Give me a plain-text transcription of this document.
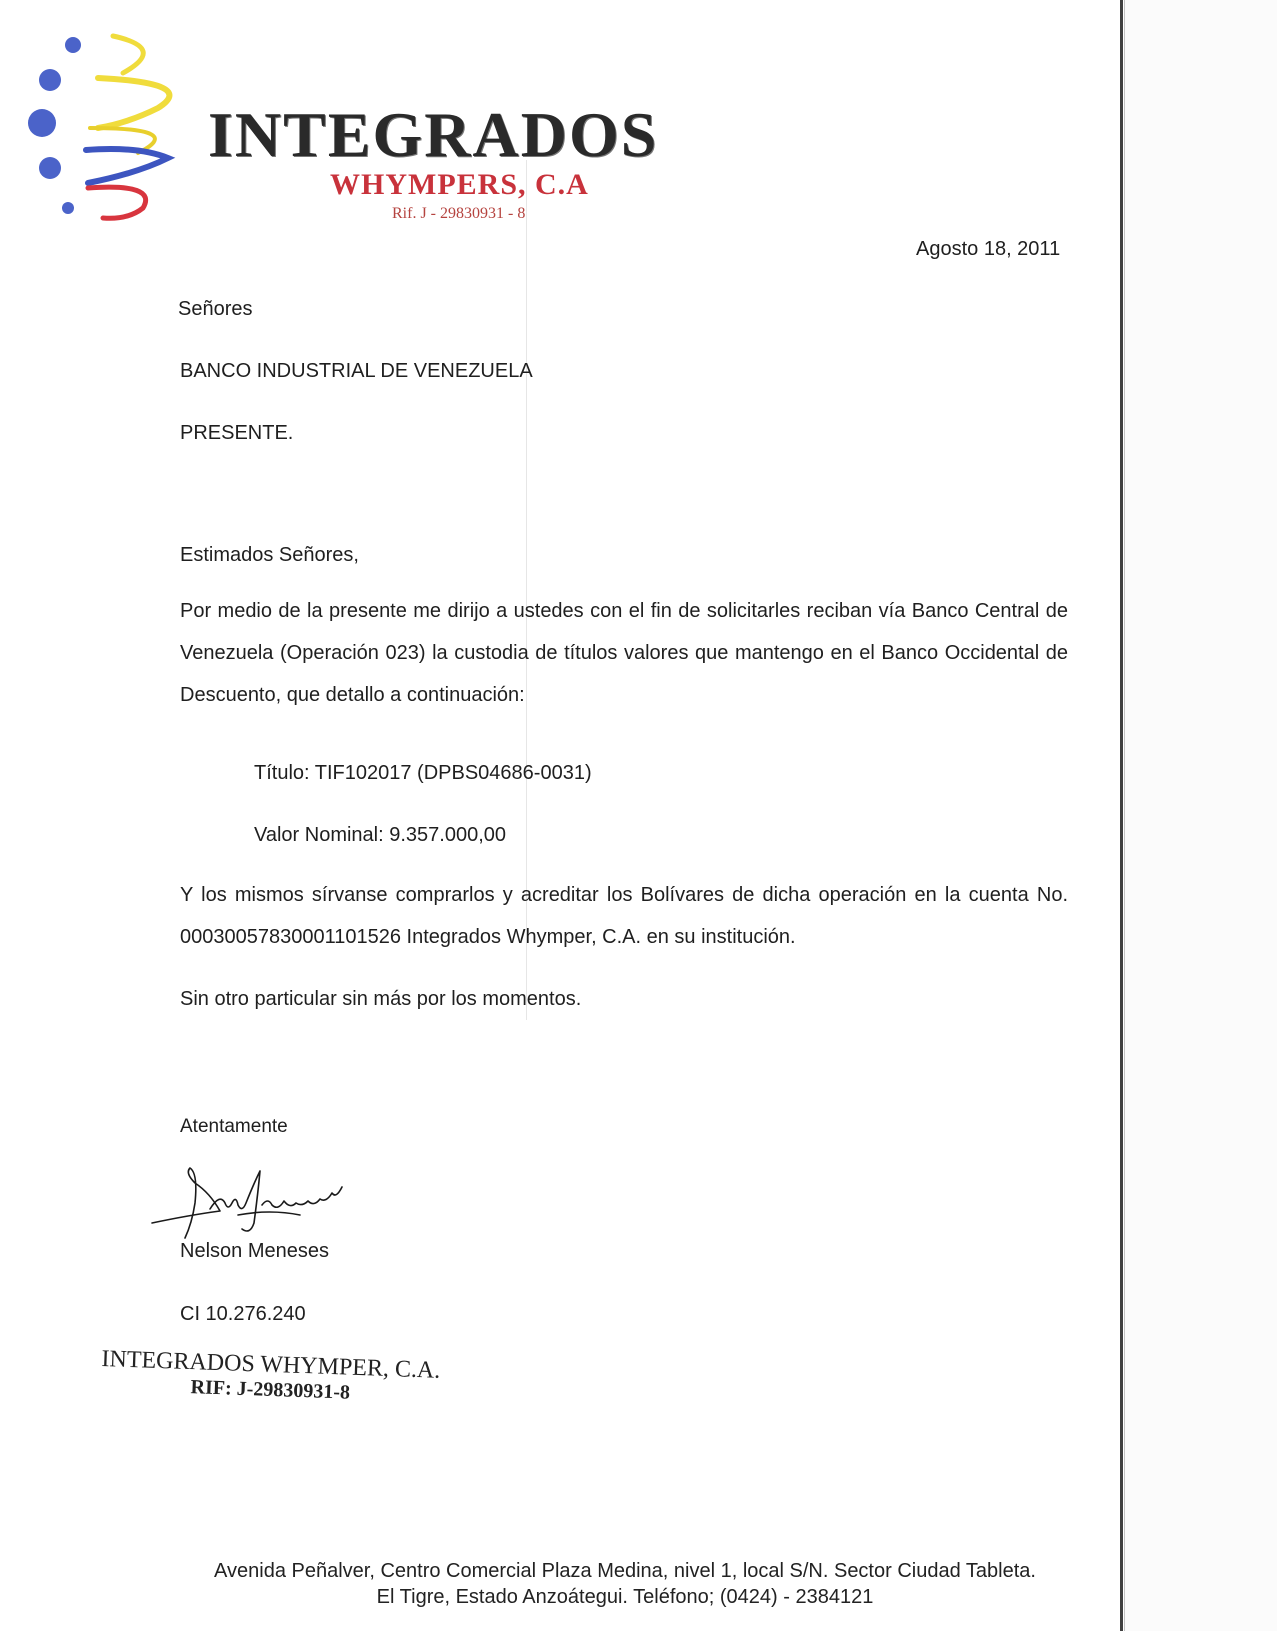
INTEGRADOS
WHYMPERS, C.A
Rif. J - 29830931 - 8
Agosto 18, 2011
Señores
BANCO INDUSTRIAL DE VENEZUELA
PRESENTE.
Estimados Señores,
Por medio de la presente me dirijo a ustedes con el fin de solicitarles reciban vía Banco Central de Venezuela (Operación 023) la custodia de títulos valores que mantengo en el Banco Occidental de Descuento, que detallo a continuación:
Título: TIF102017 (DPBS04686-0031)
Valor Nominal: 9.357.000,00
Y los mismos sírvanse comprarlos y acreditar los Bolívares de dicha operación en la cuenta No. 00030057830001101526 Integrados Whymper, C.A. en su institución.
Sin otro particular sin más por los momentos.
Atentamente
Nelson Meneses
CI 10.276.240
INTEGRADOS WHYMPER, C.A.
RIF: J-29830931-8
Avenida Peñalver, Centro Comercial Plaza Medina, nivel 1, local S/N. Sector Ciudad Tableta.
El Tigre, Estado Anzoátegui. Teléfono; (0424) - 2384121
